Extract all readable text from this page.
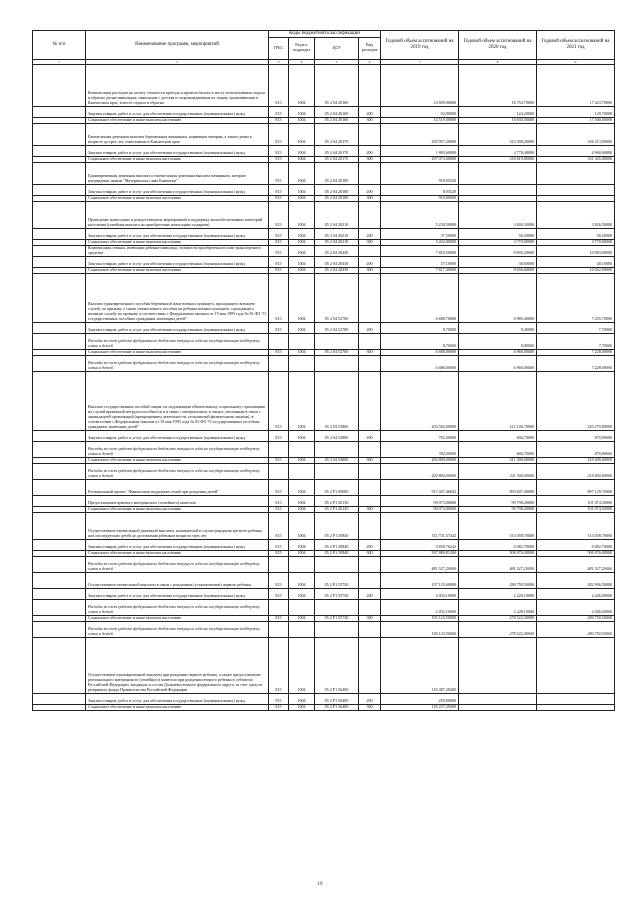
№ п/п	Наименование программ, мероприятий	Коды бюджетной классификации				Годовой объем ассигнований на 2019 год	Годовой объем ассигнований на 2020 год	Годовой объем ассигнований на 2021 год
		ГРБС	Раздел, подраздел	ЦСР	Вид расходов			
1	2	3	4	5	6	7	8	9
	Компенсация расходов на оплату стоимости проезда и провоза багажа к месту использования отдыха и обратно детям-инвалидам, инвалидам с детства и сопровождающим их лицам, проживающим в Камчатском крае, в месте отдыха и обратно	815	1004	05 2 04 20160		14 609,00000	16 754,70000	17 423,70000
	Закупка товаров, работ и услуг для обеспечения государственных (муниципальных) нужд	815	1004	05 2 04 20160	200	92,90000	124,20000	129,70000
	Социальное обеспечение и иные выплаты населению	815	1004	05 2 04 20160	300	14 519,00000	16 630,50000	17 300,00000
	Ежемесячная денежная выплата беременным женщинам, кормящим матерям, а также детям в возрасте до трех лет, отнесенным в Камчатском крае	815	1004	05 2 04 20170		295 957,20000	323 398,20000	336 313,90000
	Закупка товаров, работ и услуг для обеспечения государственных (муниципальных) нужд	815	1004	05 2 04 20170	200	1 883,60000	4 778,40000	4 968,00000
	Социальное обеспечение и иные выплаты населению	815	1004	05 2 04 20170	300	297 073,60000	318 619,80000	331 345,80000
	Единовременная денежная выплата и ежемесячная денежная выплата женщинам, которые награждены знаком "Материнская слава Камчатки"	815	1004	05 2 04 20180		918,05520		
	Закупка товаров, работ и услуг для обеспечения государственных (муниципальных) нужд	815	1004	05 2 04 20180	200	8,05520		
	Социальное обеспечение и иные выплаты населению	815	1004	05 2 04 20180	300	910,00000		
	Проведение новогодних и рождественских мероприятий в поддержку малообеспеченных категорий населения (семейная выплата на приобретение новогодних подарков)	815	1004	05 2 04 20210		5 239,50000	3 826,50000	3 826,50000
	Закупка товаров, работ и услуг для обеспечения государственных (муниципальных) нужд	815	1004	05 2 04 20210	200	37,50000	56,50000	56,50000
	Социальное обеспечение и иные выплаты населению	815	1004	05 2 04 20210	300	5 202,00000	3 770,00000	3 770,00000
	Компенсация семьям, имеющим ребенка-инвалида, стоимости приобретенного ими транспортного средства	815	1004	05 2 04 20430		7 854,50000	9 695,20000	10 083,00000
	Закупка товаров, работ и услуг для обеспечения государственных (муниципальных) нужд	815	1004	05 2 04 20430	200	37,10000	38,60000	40,10000
	Социальное обеспечение и иные выплаты населению	815	1004	05 2 04 20430	300	7 817,40000	9 656,60000	10 042,90000
	Выплата единовременного пособия беременной жене военнослужащего, проходящего военную службу по призыву, а также ежемесячного пособия на ребенка военнослужащего, проходящего военную службу по призыву, в соответствии с Федеральным законом от 19 мая 1995 года № 81-ФЗ "О государственных пособиях гражданам, имеющим детей"	815	1004	05 2 04 52700		6 688,70000	6 969,40000	7 235,70000
	Закупка товаров, работ и услуг для обеспечения государственных (муниципальных) нужд	815	1004	05 2 04 52700	200	8,70000	9,40000	7,70000
	Расходы за счет средств федерального бюджета текущего года на государственную поддержку семьи и детей					8,70000	9,40000	7,70000
	Социальное обеспечение и иные выплаты населению	815	1004	05 2 04 52700	300	6 680,00000	6 960,00000	7 228,00000
	Расходы за счет средств федерального бюджета текущего года на государственную поддержку семьи и детей					6 680,00000	6 960,00000	7 228,00000
	Выплата государственных пособий лицам, не подлежащим обязательному социальному страхованию на случай временной нетрудоспособности и в связи с материнством, и лицам, уволенным в связи с ликвидацией организаций (прекращением деятельности, полномочий физическими лицами), в соответствии с Федеральным законом от 19 мая 1995 года № 81-ФЗ "О государственных пособиях гражданам, имеющим детей"	815	1004	05 2 04 53800		203 582,00000	212 146,70000	220 270,80000
	Закупка товаров, работ и услуг для обеспечения государственных (муниципальных) нужд	815	1004	05 2 04 53800	200	782,00000	846,70000	870,80000
	Расходы за счет средств федерального бюджета текущего года на государственную поддержку семьи и детей					782,00000	846,70000	870,80000
	Социальное обеспечение и иные выплаты населению	815	1004	05 2 04 53800	300	202 800,00000	211 300,00000	219 400,00000
	Расходы за счет средств федерального бюджета текущего года на государственную поддержку семьи и детей					202 800,00000	211 300,00000	219 400,00000
	Региональный проект "Финансовая поддержка семей при рождении детей"	815	1004	05 2 P1 00000		917 447,46842	893 607,40000	897 129,70000
	Предоставление краевого материнского (семейного) капитала	815	1004	05 2 P1 20130		90 073,00000	99 798,20000	101 074,50000
	Социальное обеспечение и иные выплаты населению	815	1004	05 2 P1 20130	300	90 073,00000	99 798,20000	101 074,50000
	Осуществление ежемесячной денежной выплаты, назначаемой в случае рождения третьего ребенка или последующих детей до достижения ребенком возраста трех лет	815	1004	05 2 P1 50840		511 731,57442	513 058,70000	513 058,70000
	Закупка товаров, работ и услуг для обеспечения государственных (муниципальных) нужд	815	1004	05 2 P1 50840	200	3 850,76242	6 082,70000	6 082,70000
	Социальное обеспечение и иные выплаты населению	815	1004	05 2 P1 50840	300	507 880,81200	506 976,00000	506 976,00000
	Расходы за счет средств федерального бюджета текущего года на государственную поддержку семьи и детей					481 527,20000	481 527,20000	481 527,20000
	Осуществление ежемесячной выплаты в связи с рождением (усыновлением) первого ребенка	815	1004	05 2 P1 55730		197 155,60000	280 750,50000	282 996,50000
	Закупка товаров, работ и услуг для обеспечения государственных (муниципальных) нужд	815	1004	05 2 P1 55730	200	2 032,10000	2 228,10000	2 246,00000
	Расходы за счет средств федерального бюджета текущего года на государственную поддержку семьи и детей					2 032,10000	2 228,10000	2 246,00000
	Социальное обеспечение и иные выплаты населению	815	1004	05 2 P1 55730	300	195 123,50000	278 522,40000	280 750,50000
	Расходы за счет средств федерального бюджета текущего года на государственную поддержку семьи и детей					195 123,50000	278 522,40000	280 750,50000
	Осуществление единовременной выплаты при рождении первого ребенка, а также предоставление регионального материнского (семейного) капитала при рождении второго ребенка в субъектах Российской Федерации, входящих в состав Дальневосточного федерального округа, за счет средств резервного фонда Правительства Российской Федерации	815	1004	05 2 P1 56400		118 487,29400		
	Закупка товаров, работ и услуг для обеспечения государственных (муниципальных) нужд	815	1004	05 2 P1 56400	200	250,00000		
	Социальное обеспечение и иные выплаты населению	815	1004	05 2 P1 56400	300	118 237,29400		
19
